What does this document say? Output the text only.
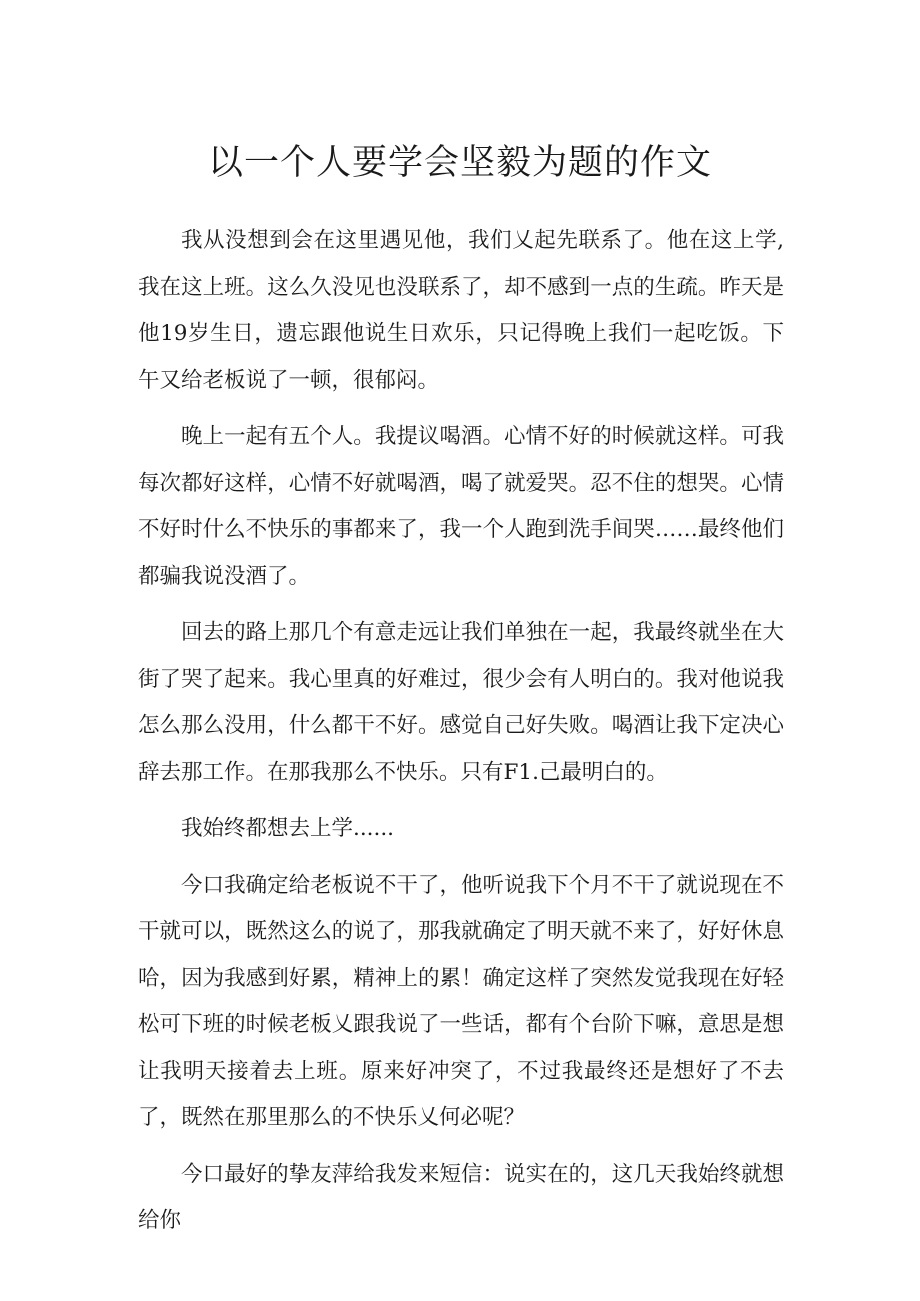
以一个人要学会坚毅为题的作文

我从没想到会在这里遇见他，我们乂起先联系了。他在这上学,我在这上班。这么久没见也没联系了，却不感到一点的生疏。昨天是他19岁生日，遗忘跟他说生日欢乐，只记得晚上我们一起吃饭。下午又给老板说了一顿，很郁闷。

晚上一起有五个人。我提议喝酒。心情不好的时候就这样。可我每次都好这样，心情不好就喝酒，喝了就爱哭。忍不住的想哭。心情不好时什么不快乐的事都来了，我一个人跑到洗手间哭……最终他们都骗我说没酒了。

回去的路上那几个有意走远让我们单独在一起，我最终就坐在大街了哭了起来。我心里真的好难过，很少会有人明白的。我对他说我怎么那么没用，什么都干不好。感觉自己好失败。喝酒让我下定决心辞去那工作。在那我那么不快乐。只有F1.己最明白的。

我始终都想去上学......

今口我确定给老板说不干了，他听说我下个月不干了就说现在不干就可以，既然这么的说了，那我就确定了明天就不来了，好好休息哈，因为我感到好累，精神上的累！确定这样了突然发觉我现在好轻松可下班的时候老板乂跟我说了一些话，都有个台阶下嘛，意思是想让我明天接着去上班。原来好冲突了，不过我最终还是想好了不去了，既然在那里那么的不快乐乂何必呢？

今口最好的挚友萍给我发来短信：说实在的，这几天我始终就想给你
